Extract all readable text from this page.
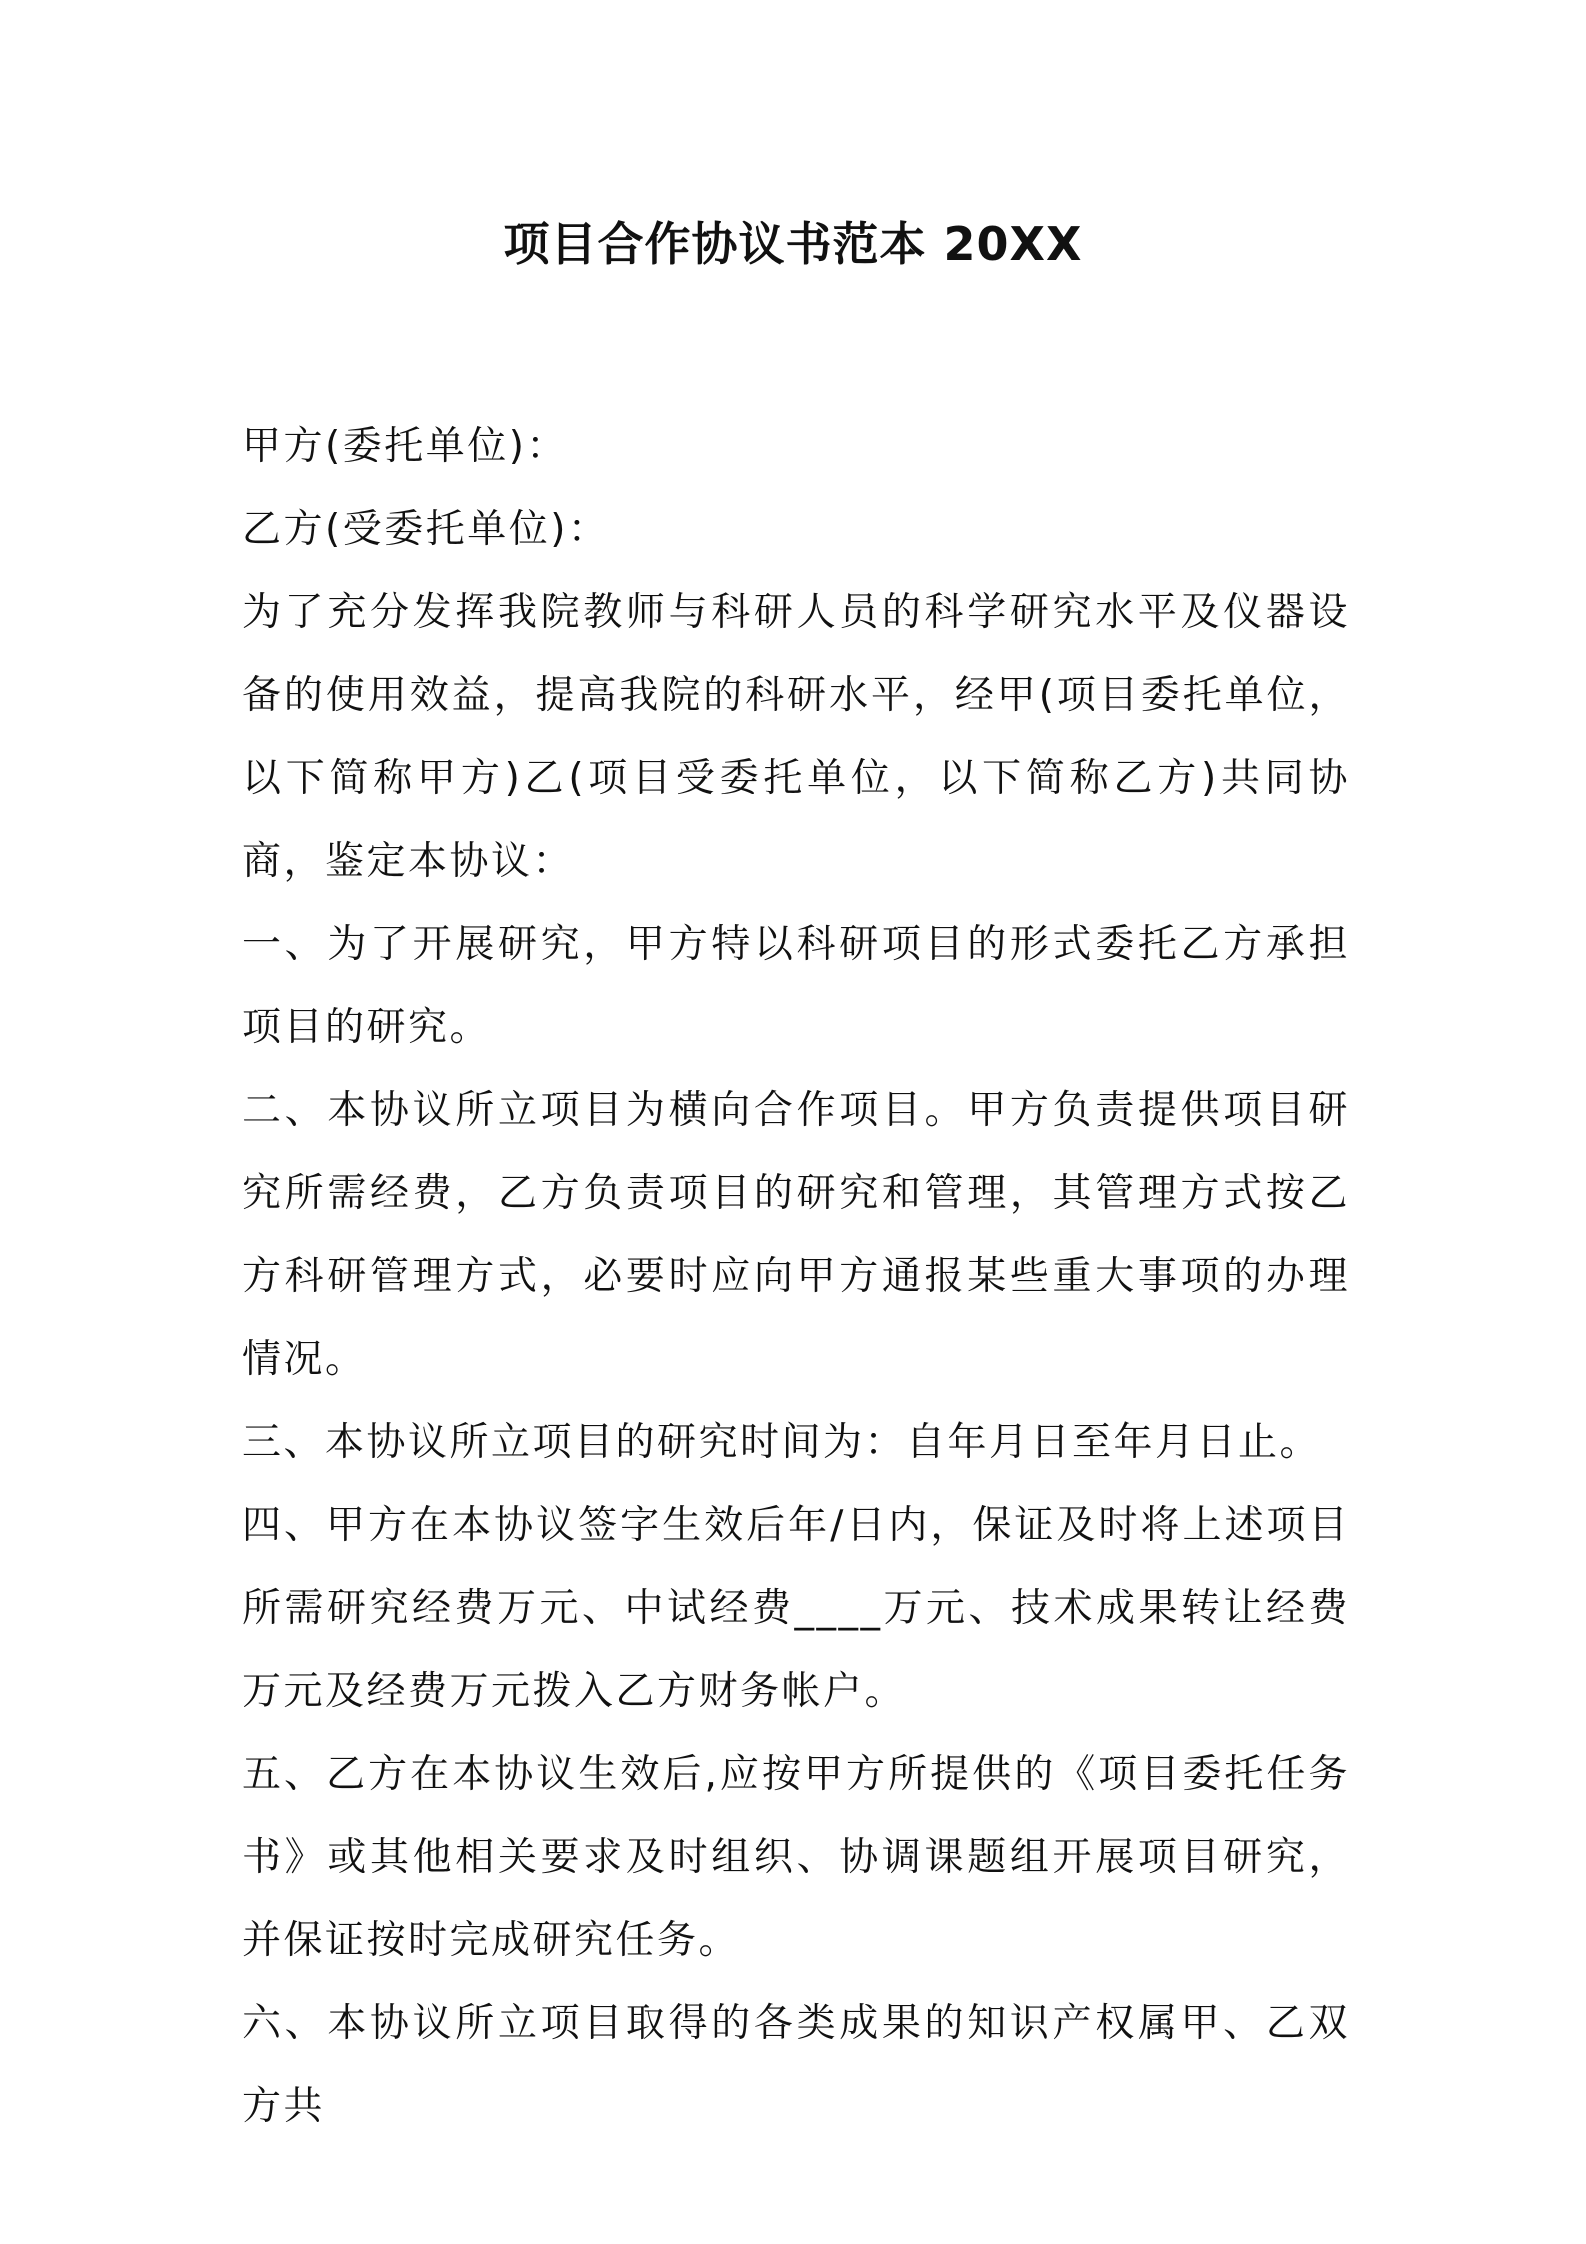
项目合作协议书范本 20XX

甲方(委托单位)：

乙方(受委托单位)：

为了充分发挥我院教师与科研人员的科学研究水平及仪器设备的使用效益，提高我院的科研水平，经甲(项目委托单位，以下简称甲方)乙(项目受委托单位，以下简称乙方)共同协商，鉴定本协议：

一、为了开展研究，甲方特以科研项目的形式委托乙方承担项目的研究。

二、本协议所立项目为横向合作项目。甲方负责提供项目研究所需经费，乙方负责项目的研究和管理，其管理方式按乙方科研管理方式，必要时应向甲方通报某些重大事项的办理情况。

三、本协议所立项目的研究时间为：自年月日至年月日止。

四、甲方在本协议签字生效后年/日内，保证及时将上述项目所需研究经费万元、中试经费____万元、技术成果转让经费万元及经费万元拨入乙方财务帐户。

五、乙方在本协议生效后,应按甲方所提供的《项目委托任务书》或其他相关要求及时组织、协调课题组开展项目研究，并保证按时完成研究任务。

六、本协议所立项目取得的各类成果的知识产权属甲、乙双方共
